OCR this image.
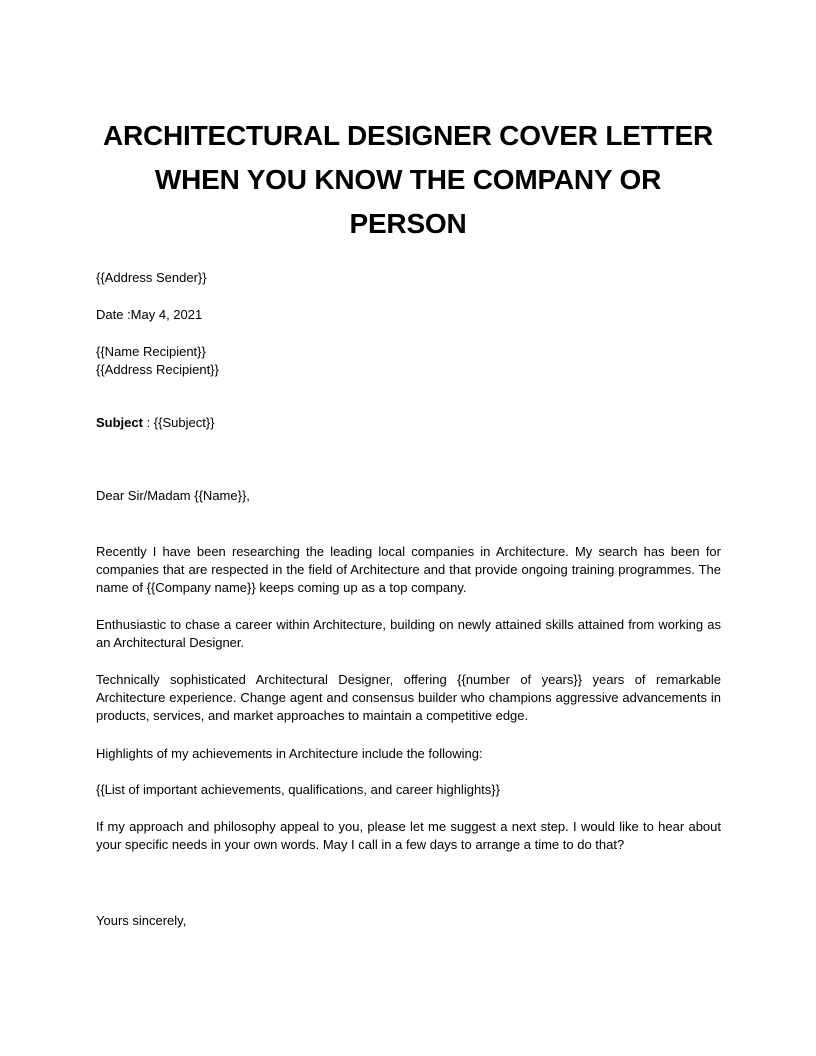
ARCHITECTURAL DESIGNER COVER LETTER
WHEN YOU KNOW THE COMPANY OR
PERSON
{{Address Sender}}
Date :May 4, 2021
{{Name Recipient}}
{{Address Recipient}}
Subject : {{Subject}}
Dear Sir/Madam {{Name}},
Recently I have been researching the leading local companies in Architecture. My search has been for companies that are respected in the field of Architecture and that provide ongoing training programmes. The name of {{Company name}} keeps coming up as a top company.
Enthusiastic to chase a career within Architecture, building on newly attained skills attained from working as an Architectural Designer.
Technically sophisticated Architectural Designer, offering {{number of years}} years of remarkable Architecture experience. Change agent and consensus builder who champions aggressive advancements in products, services, and market approaches to maintain a competitive edge.
Highlights of my achievements in Architecture include the following:
{{List of important achievements, qualifications, and career highlights}}
If my approach and philosophy appeal to you, please let me suggest a next step. I would like to hear about your specific needs in your own words. May I call in a few days to arrange a time to do that?
Yours sincerely,
